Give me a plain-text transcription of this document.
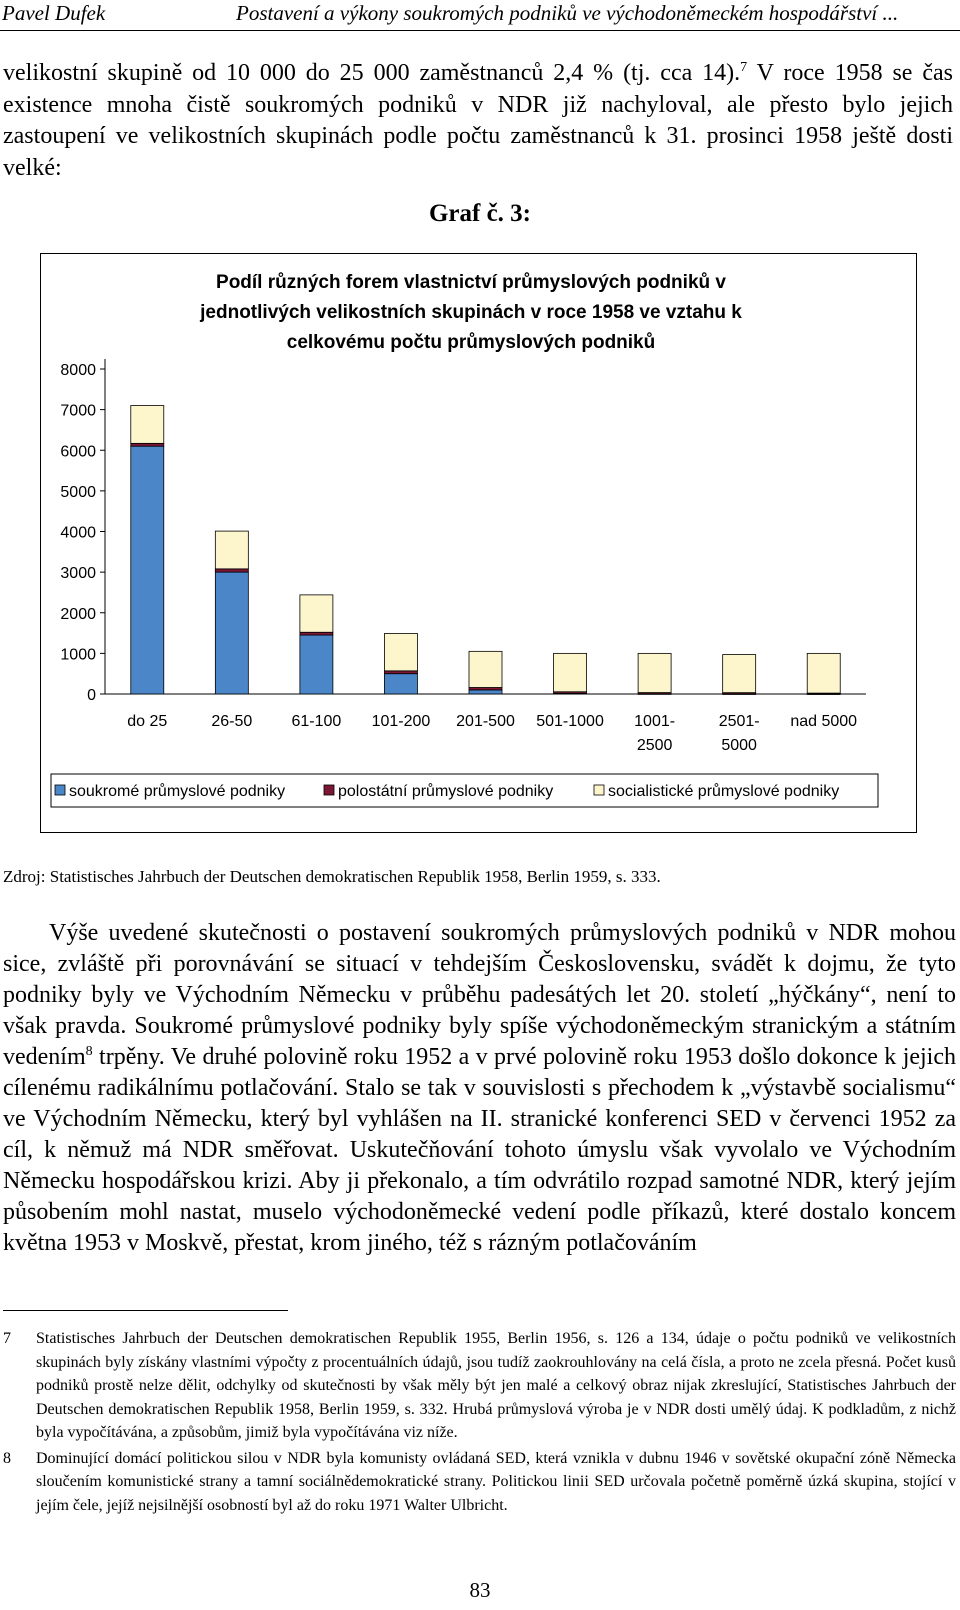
Pavel Dufek	Postavení a výkony soukromých podniků ve východoněmeckém hospodářství ...

velikostní skupině od 10 000 do 25 000 zaměstnanců 2,4 % (tj. cca 14).$^7$ V roce 1958 se čas existence mnoha čistě soukromých podniků v NDR již nachyloval, ale přesto bylo jejich zastoupení ve velikostních skupinách podle počtu zaměstnanců k 31. prosinci 1958 ještě dosti velké:

Graf č. 3:

Podíl různých forem vlastnictví průmyslových podniků v
jednotlivých velikostních skupinách v roce 1958 ve vztahu k
celkovému počtu průmyslových podniků
0
1000
2000
3000
4000
5000
6000
7000
8000
do 25	26-50 61-100 101-200 201-500 501-1000 1001-
2500
2501-
5000
nad 5000
soukromé průmyslové podniky	polostátní průmyslové podniky	socialistické průmyslové podniky

Zdroj: Statistisches Jahrbuch der Deutschen demokratischen Republik 1958, Berlin 1959, s. 333.

Výše uvedené skutečnosti o postavení soukromých průmyslových podniků v NDR mohou sice, zvláště při porovnávání se situací v tehdejším Československu, svádět k dojmu, že tyto podniky byly ve Východním Německu v průběhu padesátých let 20. století „hýčkány“, není to však pravda. Soukromé průmyslové podniky byly spíše východoněmeckým stranickým a státním vedením$^8$ trpěny. Ve druhé polovině roku 1952 a v prvé polovině roku 1953 došlo dokonce k jejich cílenému radikálnímu potlačování. Stalo se tak v souvislosti s přechodem k „výstavbě socialismu“ ve Východním Německu, který byl vyhlášen na II. stranické konferenci SED v červenci 1952 za cíl, k němuž má NDR směřovat. Uskutečňování tohoto úmyslu však vyvolalo ve Východním Německu hospodářskou krizi. Aby ji překonalo, a tím odvrátilo rozpad samotné NDR, který jejím působením mohl nastat, muselo východoněmecké vedení podle příkazů, které dostalo koncem května 1953 v Moskvě, přestat, krom jiného, též s rázným potlačováním

7	Statistisches Jahrbuch der Deutschen demokratischen Republik 1955, Berlin 1956, s. 126 a 134, údaje o počtu podniků ve velikostních skupinách byly získány vlastními výpočty z procentuálních údajů, jsou tudíž zaokrouhlovány na celá čísla, a proto ne zcela přesná. Počet kusů podniků prostě nelze dělit, odchylky od skutečnosti by však měly být jen malé a celkový obraz nijak zkreslující, Statistisches Jahrbuch der Deutschen demokratischen Republik 1958, Berlin 1959, s. 332. Hrubá průmyslová výroba je v NDR dosti umělý údaj. K podkladům, z nichž byla vypočítávána, a způsobům, jimiž byla vypočítávána viz níže.
8	Dominující domácí politickou silou v NDR byla komunisty ovládaná SED, která vznikla v dubnu 1946 v sovětské okupační zóně Německa sloučením komunistické strany a tamní sociálnědemokratické strany. Politickou linii SED určovala početně poměrně úzká skupina, stojící v jejím čele, jejíž nejsilnější osobností byl až do roku 1971 Walter Ulbricht.
83
